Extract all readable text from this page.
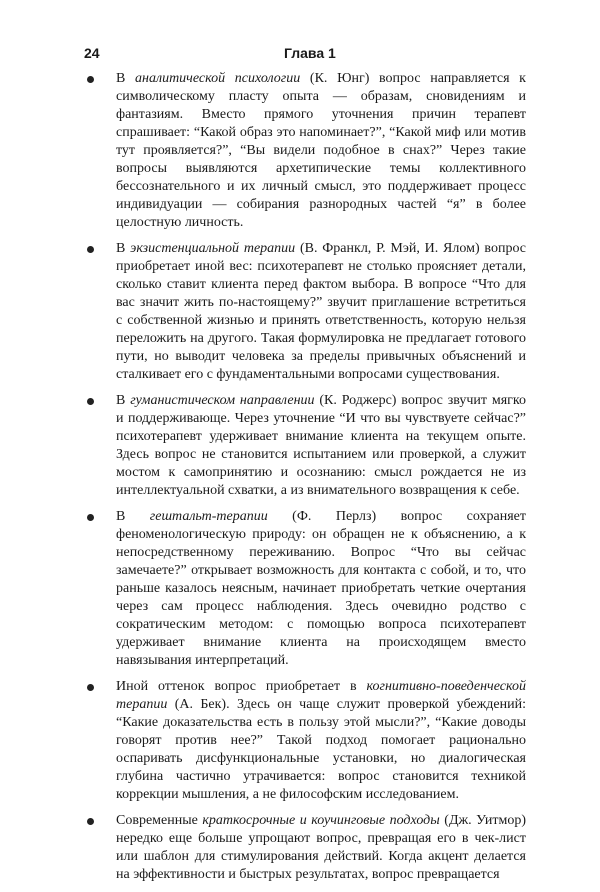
24	Глава 1
В аналитической психологии (К. Юнг) вопрос направляется к символическому пласту опыта — образам, сновидениям и фантазиям. Вместо прямого уточнения причин терапевт спрашивает: “Какой образ это напоминает?”, “Какой миф или мотив тут проявляется?”, “Вы видели подобное в снах?” Через такие вопросы выявляются архетипические темы коллективного бессознательного и их личный смысл, это поддерживает процесс индивидуации — собирания разнородных частей “я” в более целостную личность.
В экзистенциальной терапии (В. Франкл, Р. Мэй, И. Ялом) вопрос приобретает иной вес: психотерапевт не столько проясняет детали, сколько ставит клиента перед фактом выбора. В вопросе “Что для вас значит жить по-настоящему?” звучит приглашение встретиться с собственной жизнью и принять ответственность, которую нельзя переложить на другого. Такая формулировка не предлагает готового пути, но выводит человека за пределы привычных объяснений и сталкивает его с фундаментальными вопросами существования.
В гуманистическом направлении (К. Роджерс) вопрос звучит мягко и поддерживающе. Через уточнение “И что вы чувствуете сейчас?” психотерапевт удерживает внимание клиента на текущем опыте. Здесь вопрос не становится испытанием или проверкой, а служит мостом к самопринятию и осознанию: смысл рождается не из интеллектуальной схватки, а из внимательного возвращения к себе.
В гештальт-терапии (Ф. Перлз) вопрос сохраняет феноменологическую природу: он обращен не к объяснению, а к непосредственному переживанию. Вопрос “Что вы сейчас замечаете?” открывает возможность для контакта с собой, и то, что раньше казалось неясным, начинает приобретать четкие очертания через сам процесс наблюдения. Здесь очевидно родство с сократическим методом: с помощью вопроса психотерапевт удерживает внимание клиента на происходящем вместо навязывания интерпретаций.
Иной оттенок вопрос приобретает в когнитивно-поведенческой терапии (А. Бек). Здесь он чаще служит проверкой убеждений: “Какие доказательства есть в пользу этой мысли?”, “Какие доводы говорят против нее?” Такой подход помогает рационально оспаривать дисфункциональные установки, но диалогическая глубина частично утрачивается: вопрос становится техникой коррекции мышления, а не философским исследованием.
Современные краткосрочные и коучинговые подходы (Дж. Уитмор) нередко еще больше упрощают вопрос, превращая его в чек-лист или шаблон для стимулирования действий. Когда акцент делается на эффективности и быстрых результатах, вопрос превращается
